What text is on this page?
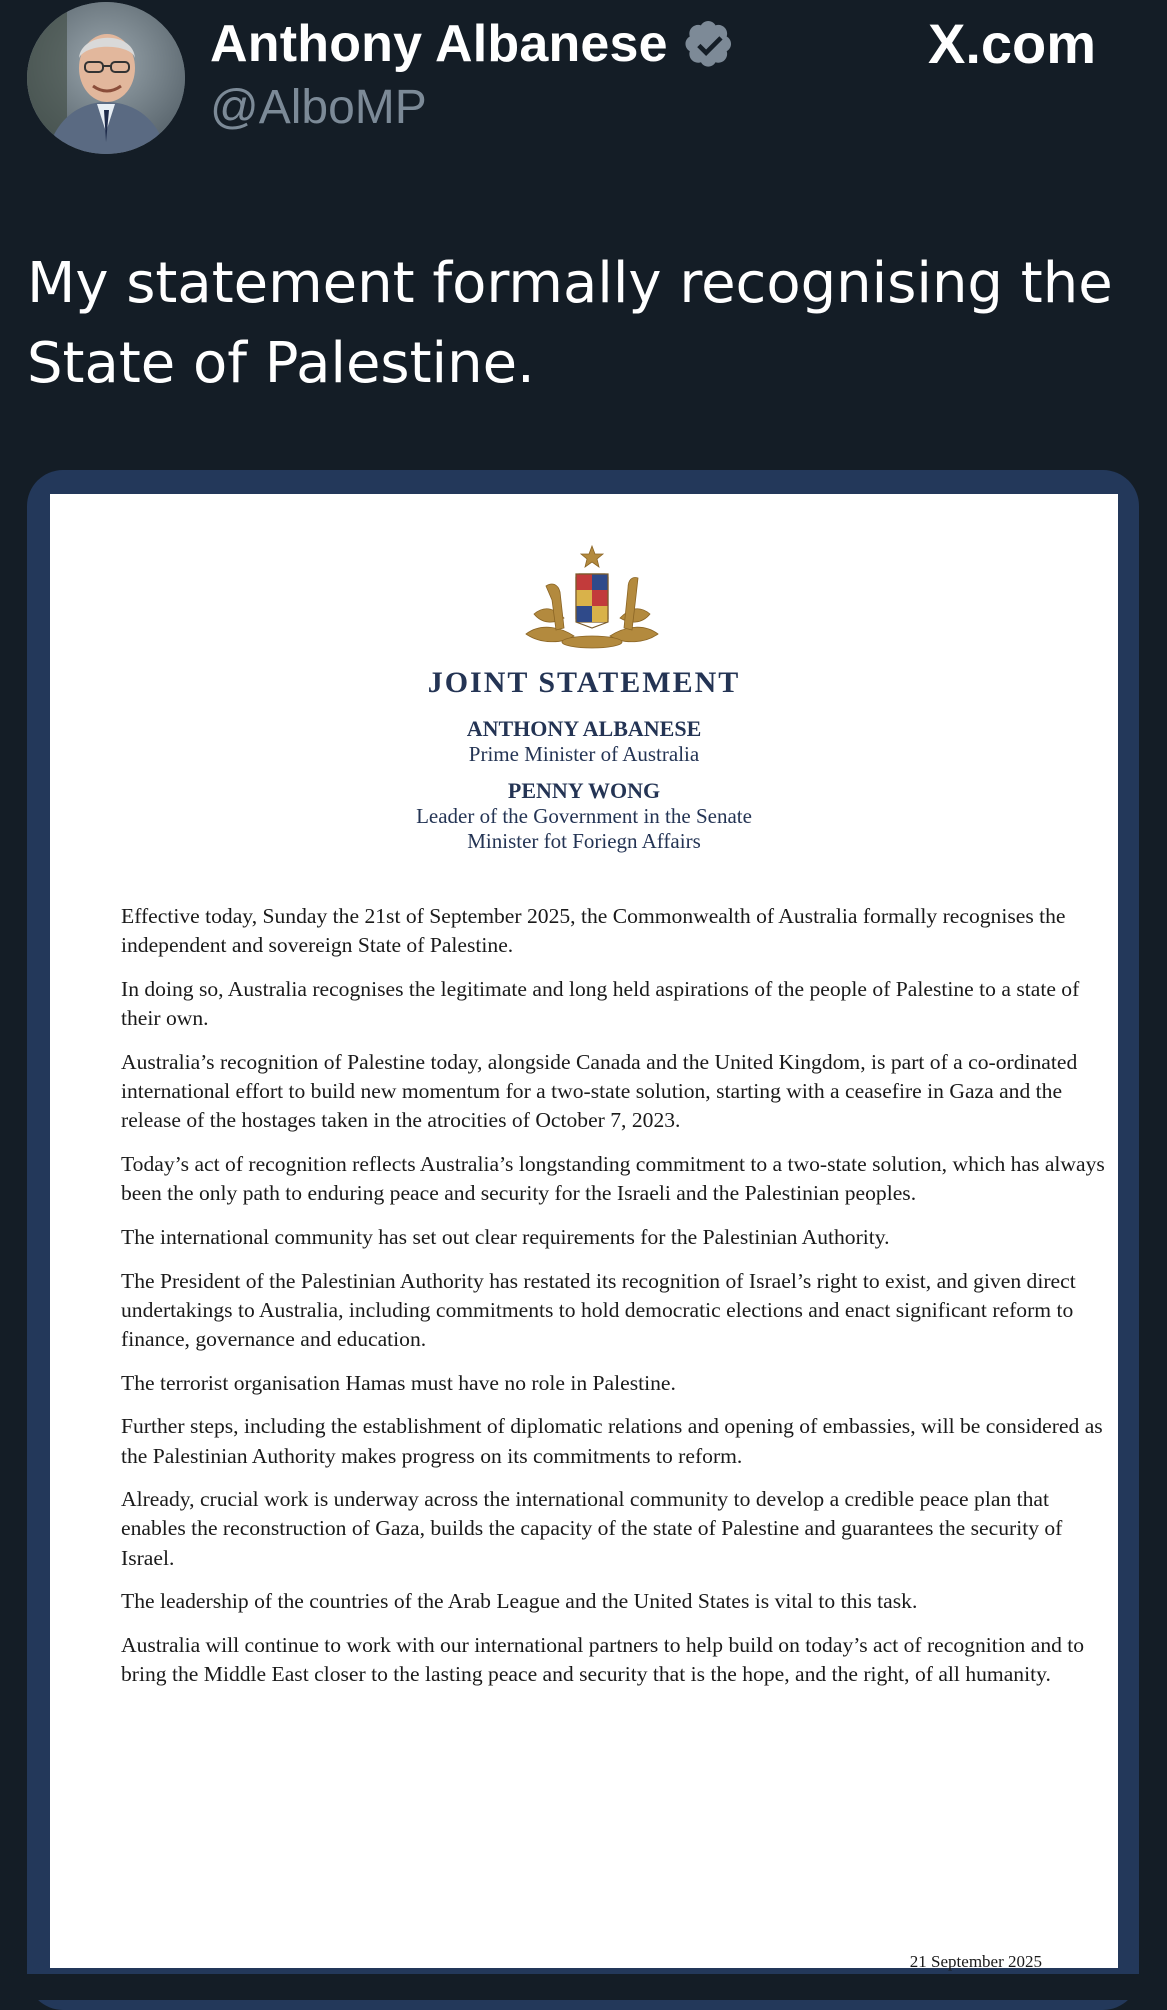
Anthony Albanese
@AlboMP
X.com
My statement formally recognising the State of Palestine.
JOINT STATEMENT
ANTHONY ALBANESE
Prime Minister of Australia
PENNY WONG
Leader of the Government in the Senate
Minister fot Foriegn Affairs

Effective today, Sunday the 21st of September 2025, the Commonwealth of Australia formally recognises the independent and sovereign State of Palestine.

In doing so, Australia recognises the legitimate and long held aspirations of the people of Palestine to a state of their own.

Australia’s recognition of Palestine today, alongside Canada and the United Kingdom, is part of a co-ordinated international effort to build new momentum for a two-state solution, starting with a ceasefire in Gaza and the release of the hostages taken in the atrocities of October 7, 2023.

Today’s act of recognition reflects Australia’s longstanding commitment to a two-state solution, which has always been the only path to enduring peace and security for the Israeli and the Palestinian peoples.

The international community has set out clear requirements for the Palestinian Authority.

The President of the Palestinian Authority has restated its recognition of Israel’s right to exist, and given direct undertakings to Australia, including commitments to hold democratic elections and enact significant reform to finance, governance and education.

The terrorist organisation Hamas must have no role in Palestine.

Further steps, including the establishment of diplomatic relations and opening of embassies, will be considered as the Palestinian Authority makes progress on its commitments to reform.

Already, crucial work is underway across the international community to develop a credible peace plan that enables the reconstruction of Gaza, builds the capacity of the state of Palestine and guarantees the security of Israel.

The leadership of the countries of the Arab League and the United States is vital to this task.

Australia will continue to work with our international partners to help build on today’s act of recognition and to bring the Middle East closer to the lasting peace and security that is the hope, and the right, of all humanity.

21 September 2025
